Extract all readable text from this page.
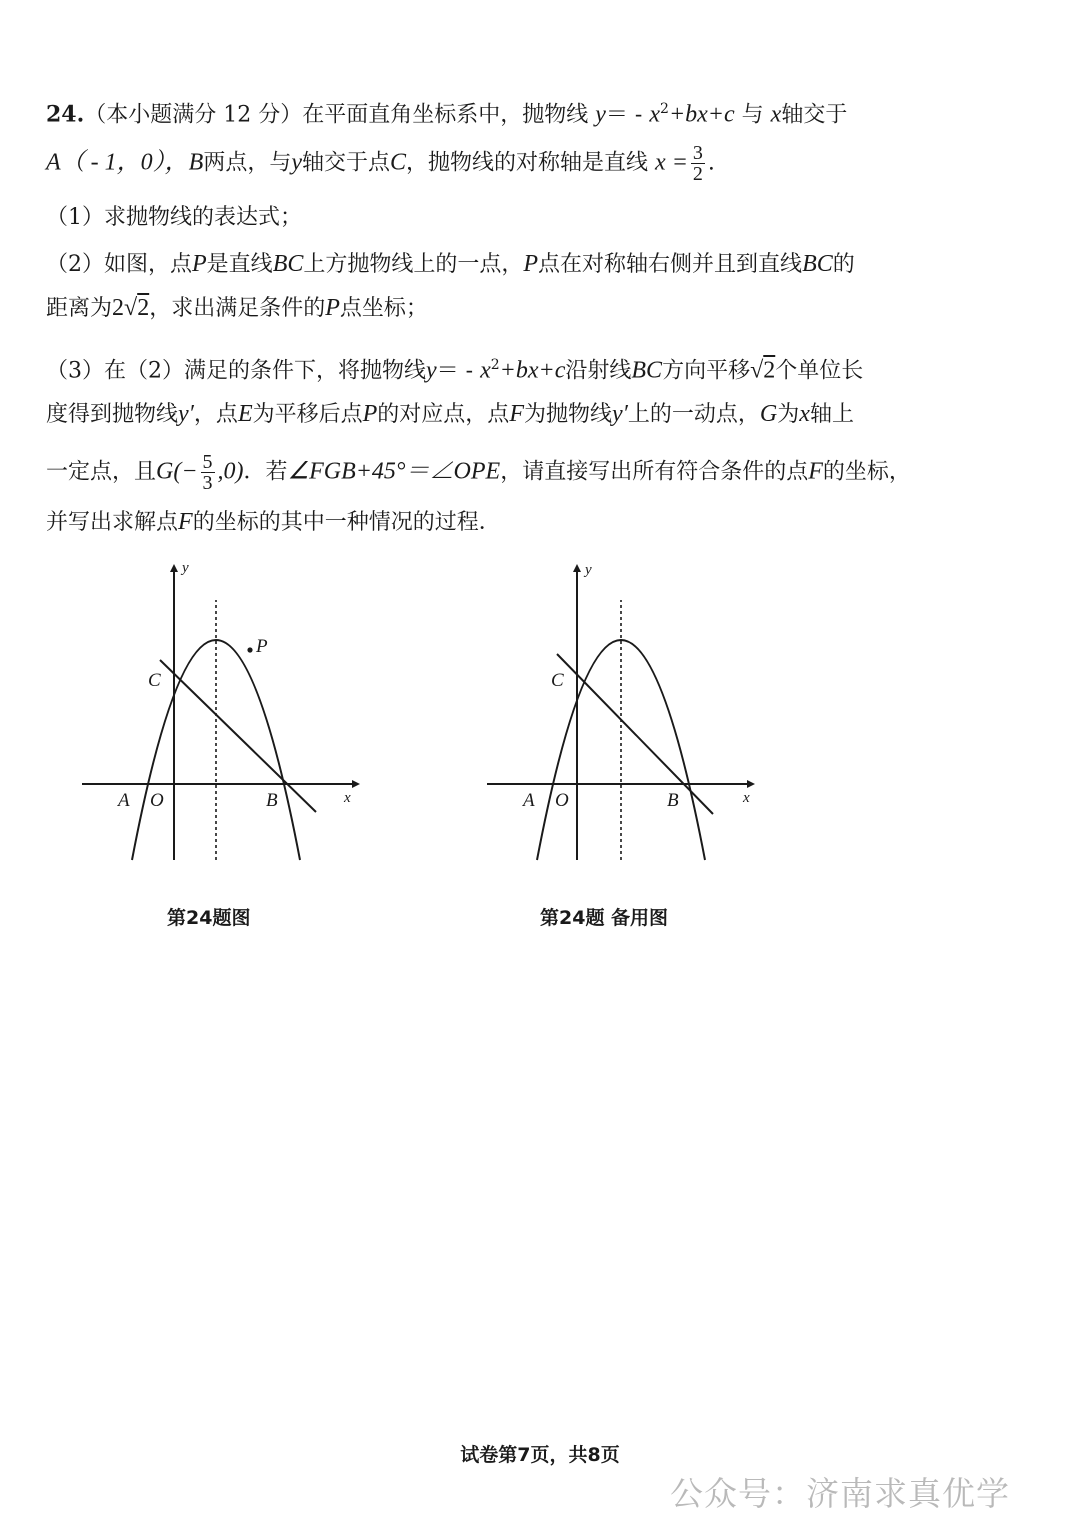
24.（本小题满分 12 分）在平面直角坐标系中，抛物线 $y= - x^2+bx+c$ 与 x轴交于
A（ - 1，0），B两点，与y轴交于点C，抛物线的对称轴是直线 $x = \frac{3}{2}$ .
（1）求抛物线的表达式；
（2）如图，点P是直线BC上方抛物线上的一点，P点在对称轴右侧并且到直线BC的
距离为2√2，求出满足条件的P点坐标；
（3）在（2）满足的条件下，将抛物线$y= - x^2+bx+c$沿射线BC方向平移√2个单位长
度得到抛物线y′，点E为平移后点P的对应点，点F为抛物线y′上的一动点，G为x轴上
一定点，且$G(- \frac{5}{3} ,0)$．若∠FGB+45°＝∠OPE，请直接写出所有符合条件的点F的坐标，
并写出求解点F的坐标的其中一种情况的过程．
y
x
A O	B
C
P
y
x
A O	B
C
第24题图	第24题 备用图
试卷第7页，共8页
公众号：济南求真优学
